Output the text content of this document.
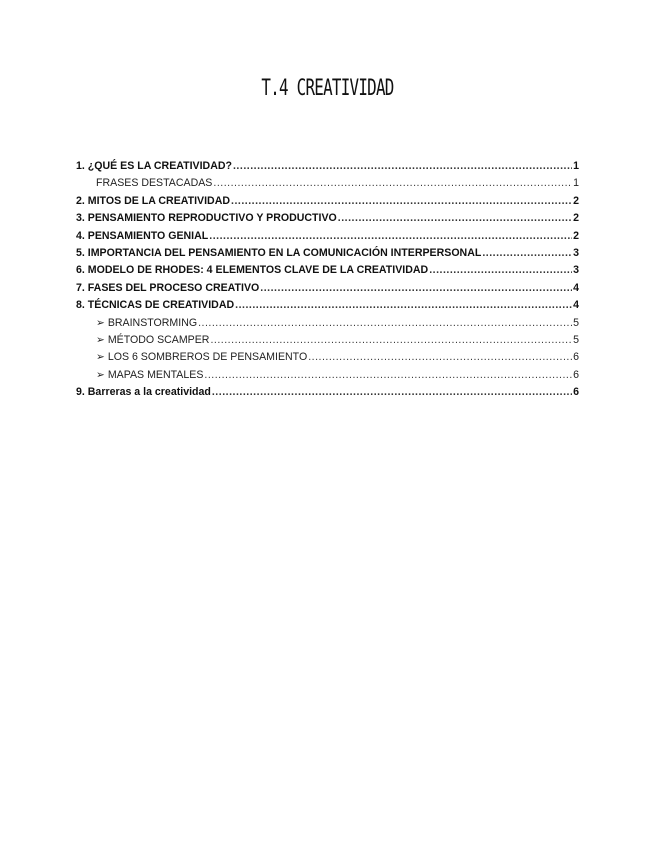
T.4 CREATIVIDAD
1. ¿QUÉ ES LA CREATIVIDAD? .....	1
FRASES DESTACADAS .....	1
2. MITOS DE LA CREATIVIDAD .....	2
3. PENSAMIENTO REPRODUCTIVO Y PRODUCTIVO .....	2
4. PENSAMIENTO GENIAL .....	2
5. IMPORTANCIA DEL PENSAMIENTO EN LA COMUNICACIÓN INTERPERSONAL .....	3
6. MODELO DE RHODES: 4 ELEMENTOS CLAVE DE LA CREATIVIDAD .....	3
7. FASES DEL PROCESO CREATIVO .....	4
8. TÉCNICAS DE CREATIVIDAD .....	4
➢ BRAINSTORMING .....	5
➢ MÉTODO SCAMPER .....	5
➢ LOS 6 SOMBREROS DE PENSAMIENTO .....	6
➢ MAPAS MENTALES .....	6
9. Barreras a la creatividad .....	6
